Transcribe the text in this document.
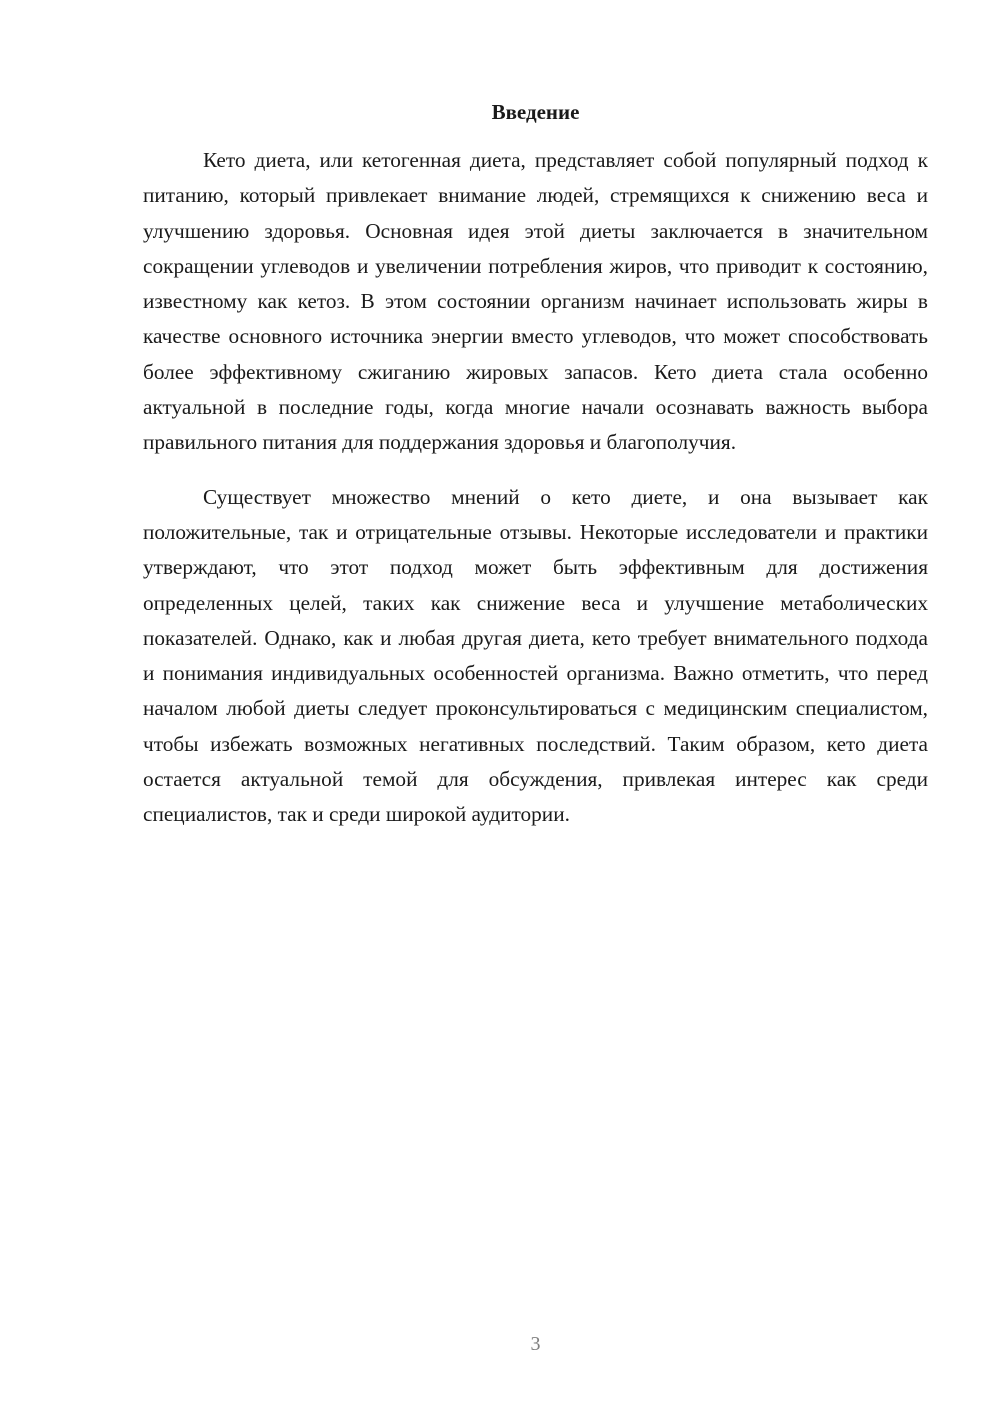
Введение

Кето диета, или кетогенная диета, представляет собой популярный подход к питанию, который привлекает внимание людей, стремящихся к снижению веса и улучшению здоровья. Основная идея этой диеты заключается в значительном сокращении углеводов и увеличении потребления жиров, что приводит к состоянию, известному как кетоз. В этом состоянии организм начинает использовать жиры в качестве основного источника энергии вместо углеводов, что может способствовать более эффективному сжиганию жировых запасов. Кето диета стала особенно актуальной в последние годы, когда многие начали осознавать важность выбора правильного питания для поддержания здоровья и благополучия.

Существует множество мнений о кето диете, и она вызывает как положительные, так и отрицательные отзывы. Некоторые исследователи и практики утверждают, что этот подход может быть эффективным для достижения определенных целей, таких как снижение веса и улучшение метаболических показателей. Однако, как и любая другая диета, кето требует внимательного подхода и понимания индивидуальных особенностей организма. Важно отметить, что перед началом любой диеты следует проконсультироваться с медицинским специалистом, чтобы избежать возможных негативных последствий. Таким образом, кето диета остается актуальной темой для обсуждения, привлекая интерес как среди специалистов, так и среди широкой аудитории.

3
